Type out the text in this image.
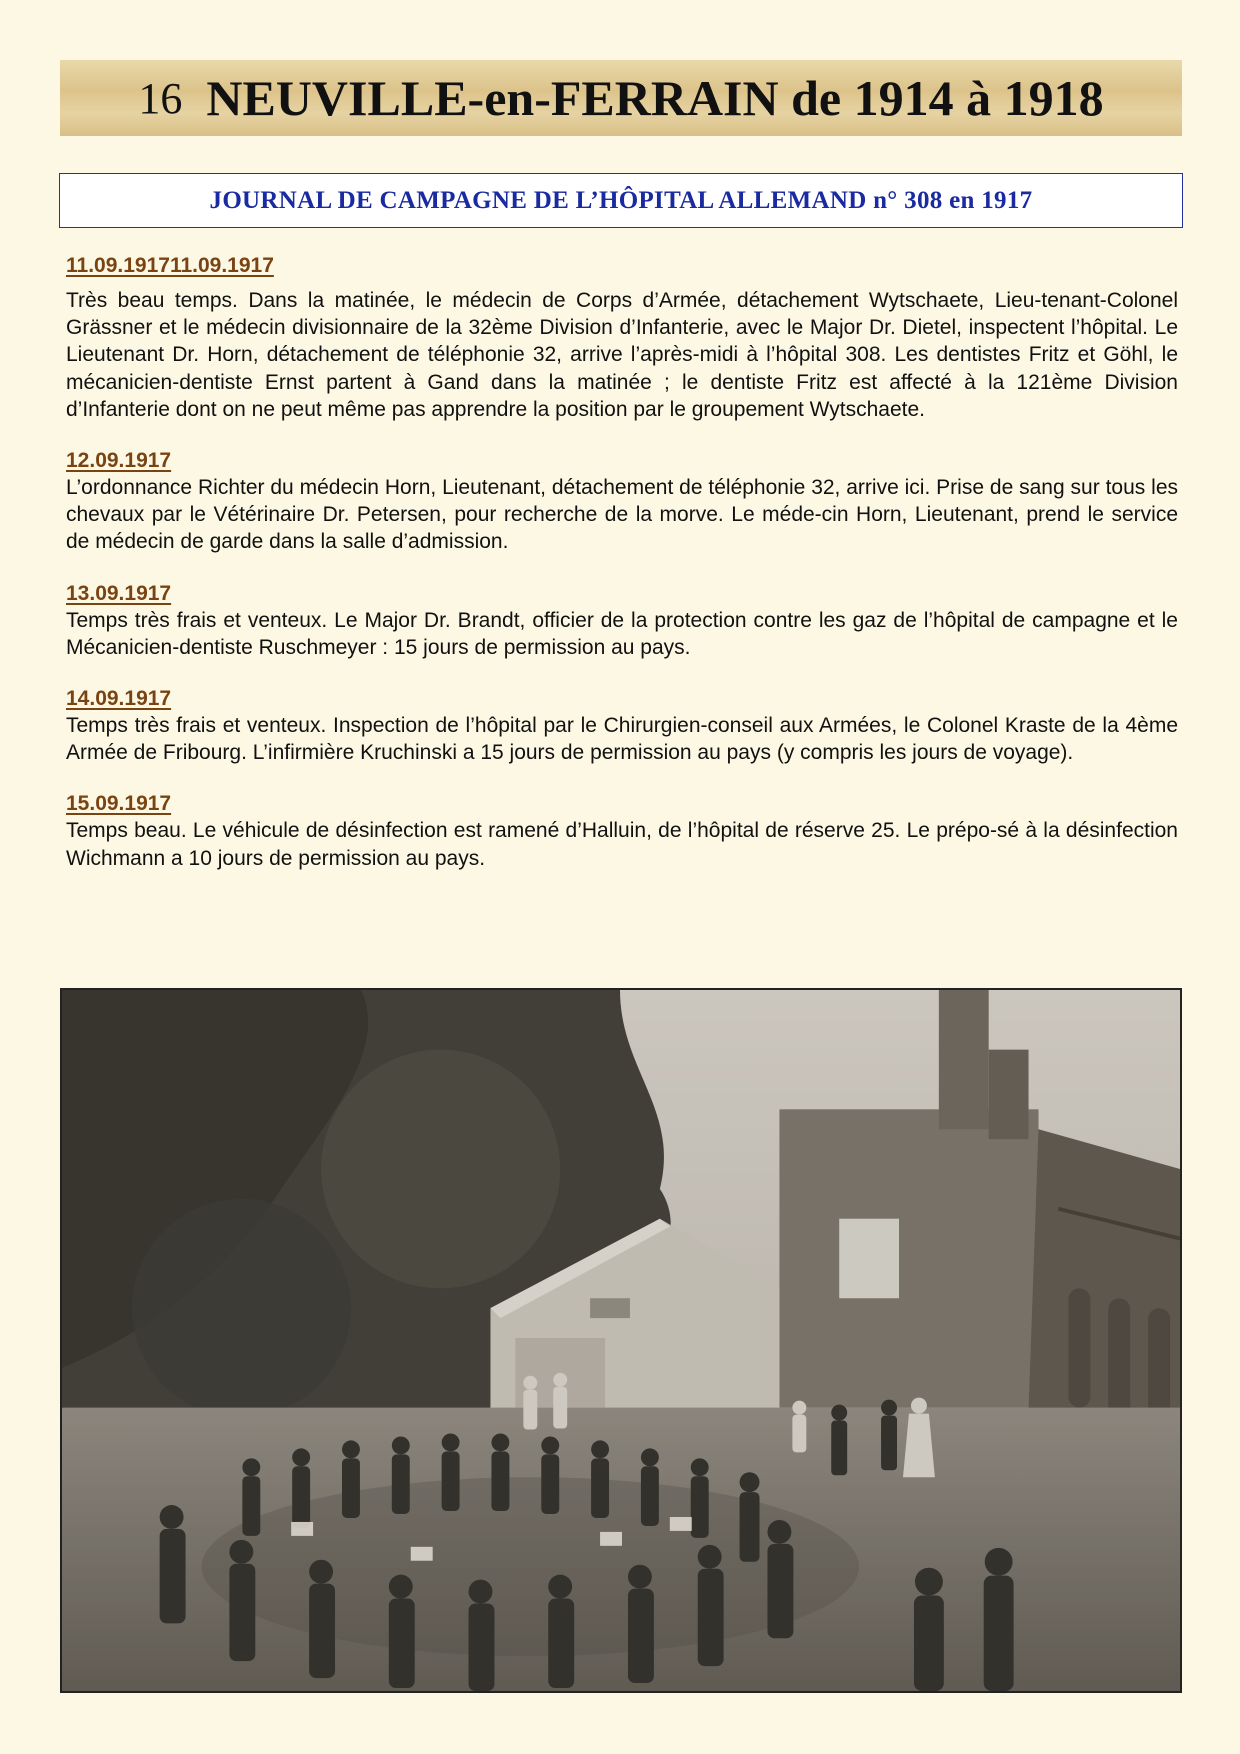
16 NEUVILLE-en-FERRAIN de 1914 à 1918
JOURNAL DE CAMPAGNE DE L’HÔPITAL ALLEMAND n° 308 en 1917
11.09.191711.09.1917

Très beau temps. Dans la matinée, le médecin de Corps d’Armée, détachement Wytschaete, Lieu-tenant-Colonel Grässner et le médecin divisionnaire de la 32ème Division d’Infanterie, avec le Major Dr. Dietel, inspectent l’hôpital. Le Lieutenant Dr. Horn, détachement de téléphonie 32, arrive l’après-midi à l’hôpital 308. Les dentistes Fritz et Göhl, le mécanicien-dentiste Ernst partent à Gand dans la matinée ; le dentiste Fritz est affecté à la 121ème Division d’Infanterie dont on ne peut même pas apprendre la position par le groupement Wytschaete.

12.09.1917

L’ordonnance Richter du médecin Horn, Lieutenant, détachement de téléphonie 32, arrive ici. Prise de sang sur tous les chevaux par le Vétérinaire Dr. Petersen, pour recherche de la morve. Le méde-cin Horn, Lieutenant, prend le service de médecin de garde dans la salle d’admission.

13.09.1917

Temps très frais et venteux. Le Major Dr. Brandt, officier de la protection contre les gaz de l’hôpital de campagne et le Mécanicien-dentiste Ruschmeyer : 15 jours de permission au pays.

14.09.1917

Temps très frais et venteux. Inspection de l’hôpital par le Chirurgien-conseil aux Armées, le Colonel Kraste de la 4ème Armée de Fribourg. L’infirmière Kruchinski a 15 jours de permission au pays (y compris les jours de voyage).

15.09.1917

Temps beau. Le véhicule de désinfection est ramené d’Halluin, de l’hôpital de réserve 25. Le prépo-sé à la désinfection Wichmann a 10 jours de permission au pays.
